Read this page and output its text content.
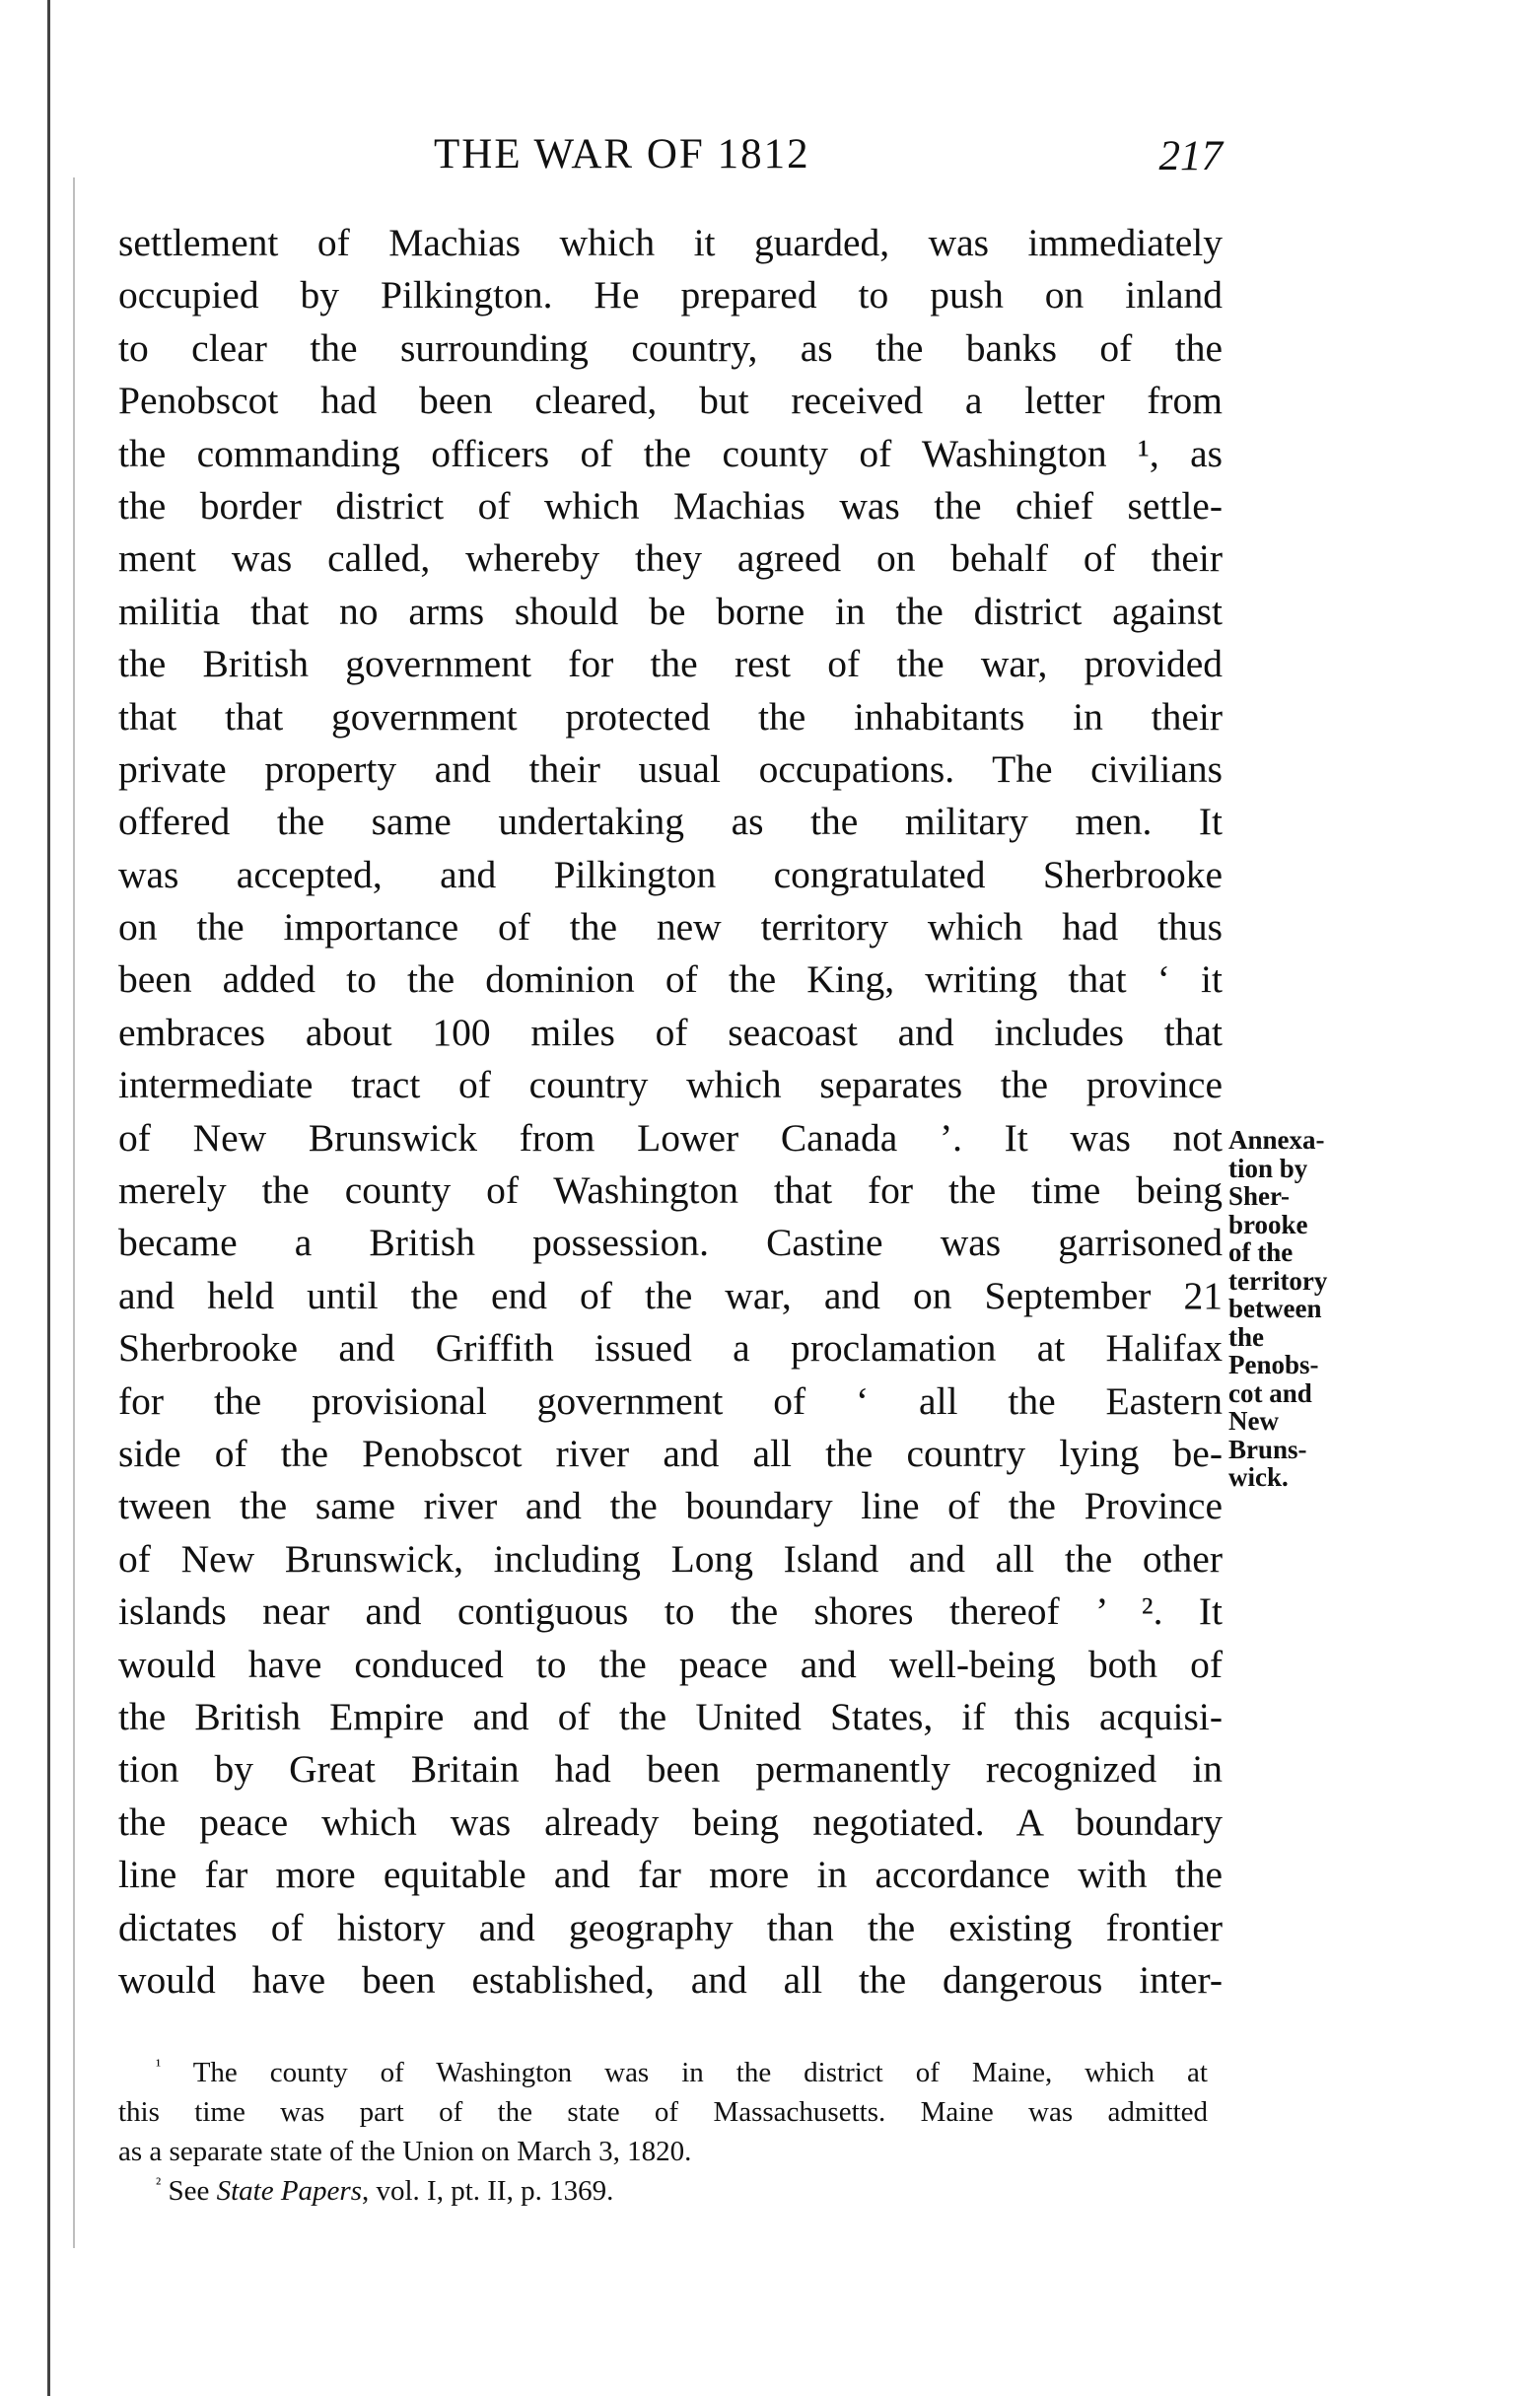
THE WAR OF 1812	217
settlement of Machias which it guarded, was immediately
occupied by Pilkington. He prepared to push on inland
to clear the surrounding country, as the banks of the
Penobscot had been cleared, but received a letter from
the commanding officers of the county of Washington ¹, as
the border district of which Machias was the chief settle-
ment was called, whereby they agreed on behalf of their
militia that no arms should be borne in the district against
the British government for the rest of the war, provided
that that government protected the inhabitants in their
private property and their usual occupations. The civilians
offered the same undertaking as the military men. It
was accepted, and Pilkington congratulated Sherbrooke
on the importance of the new territory which had thus
been added to the dominion of the King, writing that ‘ it
embraces about 100 miles of seacoast and includes that
intermediate tract of country which separates the province
of New Brunswick from Lower Canada ’. It was not
merely the county of Washington that for the time being
became a British possession. Castine was garrisoned
and held until the end of the war, and on September 21
Sherbrooke and Griffith issued a proclamation at Halifax
for the provisional government of ‘ all the Eastern
side of the Penobscot river and all the country lying be-
tween the same river and the boundary line of the Province
of New Brunswick, including Long Island and all the other
islands near and contiguous to the shores thereof ’ ². It
would have conduced to the peace and well-being both of
the British Empire and of the United States, if this acquisi-
tion by Great Britain had been permanently recognized in
the peace which was already being negotiated. A boundary
line far more equitable and far more in accordance with the
dictates of history and geography than the existing frontier
would have been established, and all the dangerous inter-
Annexa-
tion by
Sher-
brooke
of the
territory
between
the
Penobs-
cot and
New
Bruns-
wick.
$^{^1}$ The county of Washington was in the district of Maine, which at
this time was part of the state of Massachusetts. Maine was admitted
as a separate state of the Union on March 3, 1820.
$^{^2}$ See State Papers, vol. I, pt. II, p. 1369.
